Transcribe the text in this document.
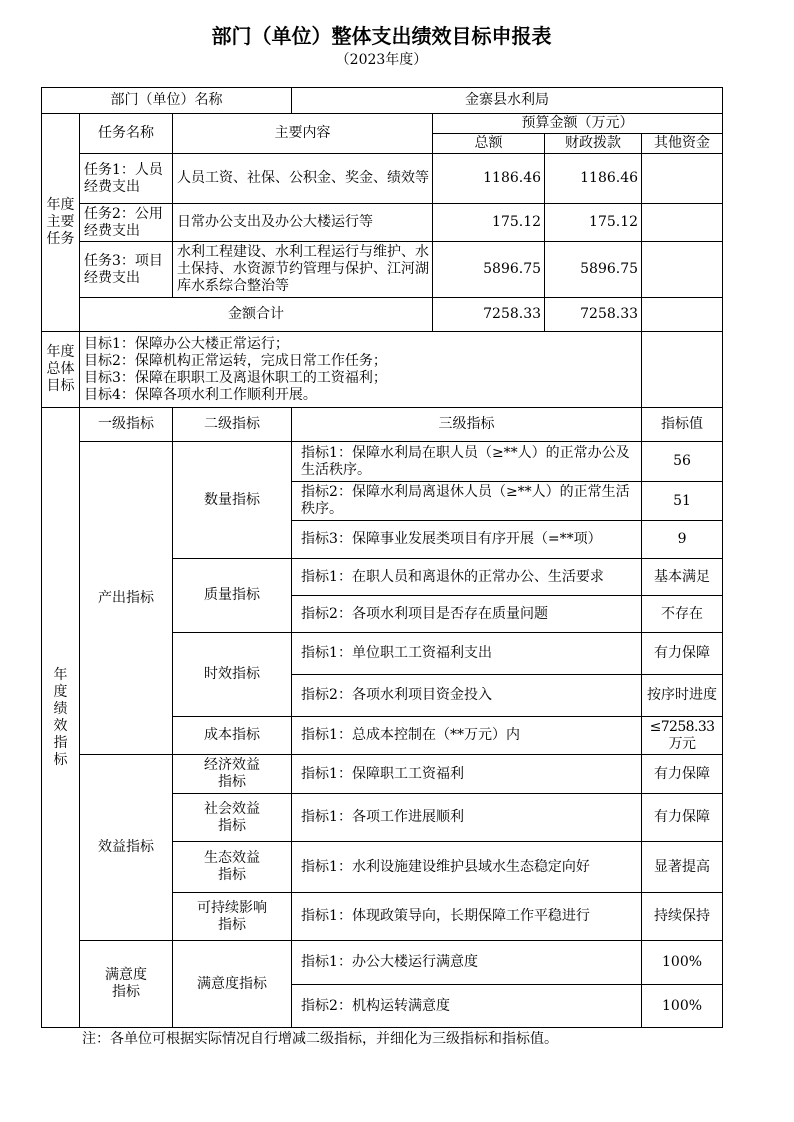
部门（单位）整体支出绩效目标申报表
（2023年度）
部门（单位）名称			金寨县水利局			
年度主要任务	任务名称	主要内容		预算金额（万元）		
				总额	财政拨款	其他资金
	任务1：人员经费支出	人员工资、社保、公积金、奖金、绩效等		1186.46	1186.46	
	任务2：公用经费支出	日常办公支出及办公大楼运行等		175.12	175.12	
	任务3：项目经费支出	水利工程建设、水利工程运行与维护、水土保持、水资源节约管理与保护、江河湖库水系综合整治等		5896.75	5896.75	
	金额合计			7258.33	7258.33	
年度总体目标	目标1：保障办公大楼正常运行；
目标2：保障机构正常运转，完成日常工作任务；
目标3：保障在职职工及离退休职工的工资福利；
目标4：保障各项水利工作顺利开展。					

年度绩效指标	一级指标	二级指标	三级指标			指标值
	产出指标	数量指标	指标1：保障水利局在职人员（≥**人）的正常办公及生活秩序。			56
			指标2：保障水利局离退休人员（≥**人）的正常生活秩序。			51
			指标3：保障事业发展类项目有序开展（=**项）			9
		质量指标	指标1：在职人员和离退休的正常办公、生活要求			基本满足
			指标2：各项水利项目是否存在质量问题			不存在
		时效指标	指标1：单位职工工资福利支出			有力保障
			指标2：各项水利项目资金投入			按序时进度
		成本指标	指标1：总成本控制在（**万元）内			≤7258.33万元
	效益指标	经济效益指标	指标1：保障职工工资福利			有力保障
		社会效益指标	指标1：各项工作进展顺利			有力保障
		生态效益指标	指标1：水利设施建设维护县域水生态稳定向好			显著提高
		可持续影响指标	指标1：体现政策导向，长期保障工作平稳进行			持续保持
	满意度指标	满意度指标	指标1：办公大楼运行满意度			100%
			指标2：机构运转满意度			100%
注：各单位可根据实际情况自行增减二级指标，并细化为三级指标和指标值。
